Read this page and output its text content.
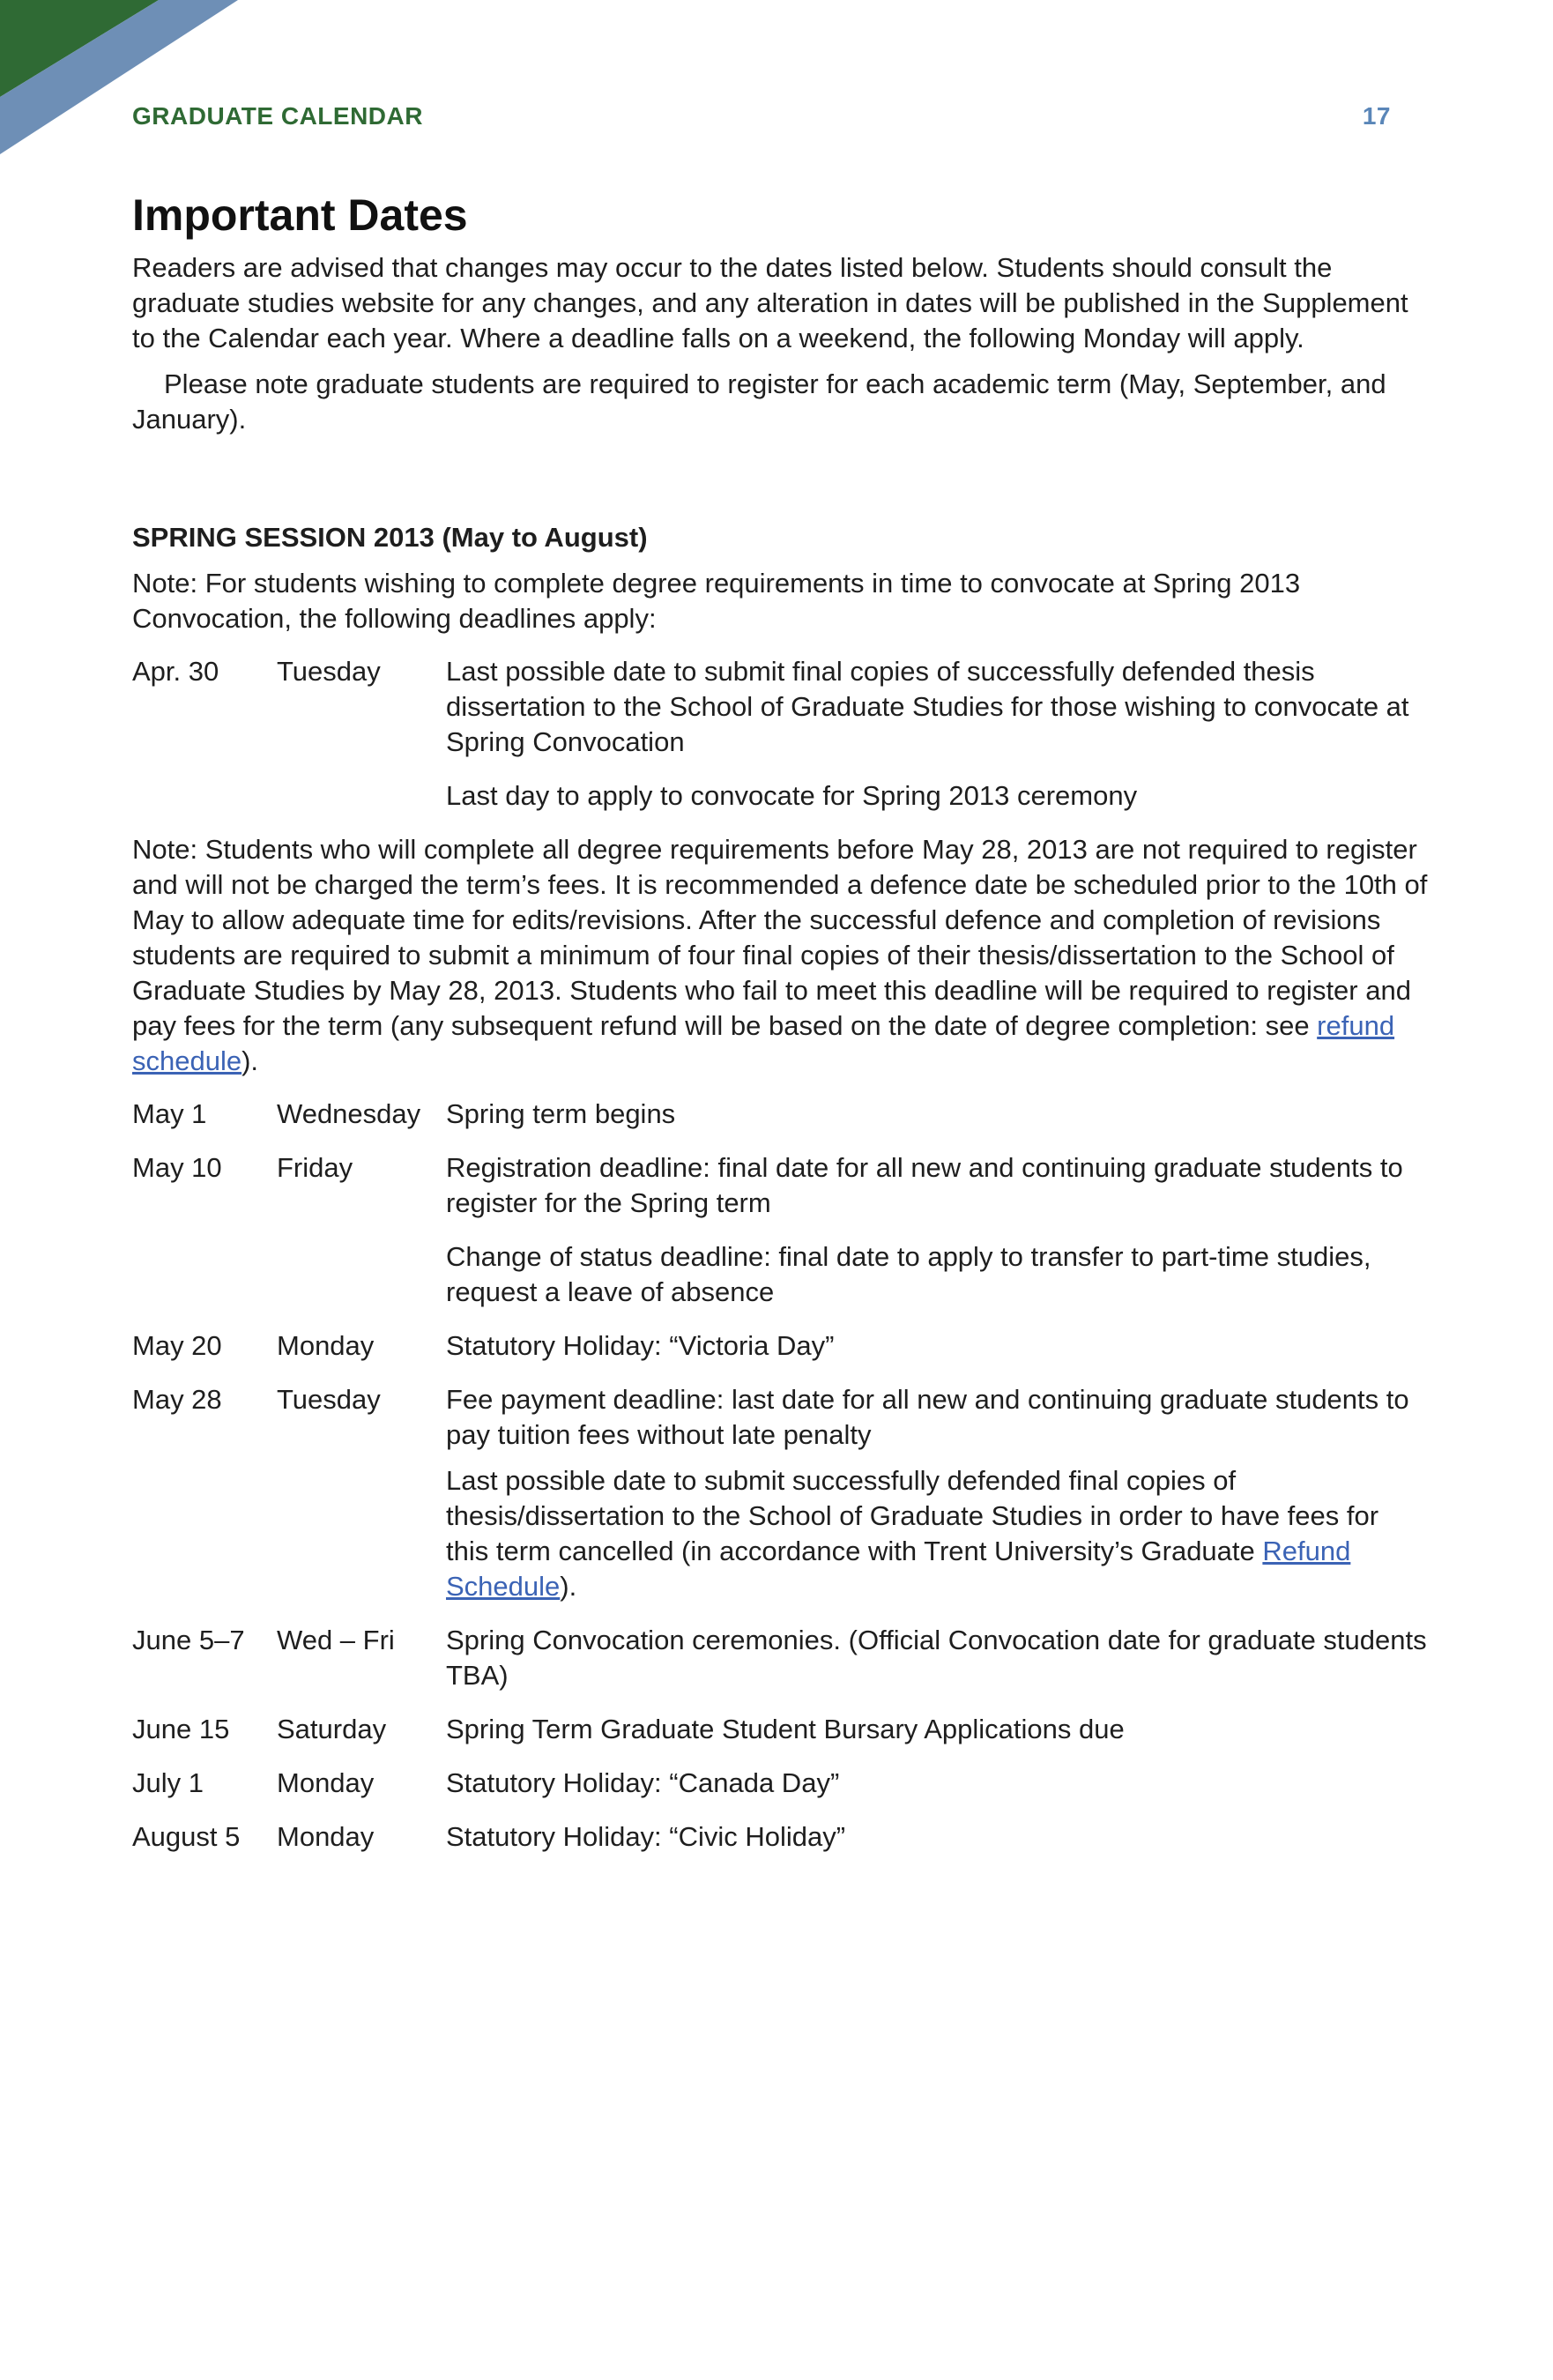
GRADUATE CALENDAR	17
Important Dates

Readers are advised that changes may occur to the dates listed below. Students should consult the graduate studies website for any changes, and any alteration in dates will be published in the Supplement to the Calendar each year. Where a deadline falls on a weekend, the following Monday will apply.

Please note graduate students are required to register for each academic term (May, September, and January).

SPRING SESSION 2013 (May to August)

Note: For students wishing to complete degree requirements in time to convocate at Spring 2013 Convocation, the following deadlines apply:

Apr. 30	Tuesday	Last possible date to submit final copies of successfully defended thesis dissertation to the School of Graduate Studies for those wishing to convocate at Spring Convocation
Last day to apply to convocate for Spring 2013 ceremony

Note: Students who will complete all degree requirements before May 28, 2013 are not required to register and will not be charged the term’s fees. It is recommended a defence date be scheduled prior to the 10th of May to allow adequate time for edits/revisions. After the successful defence and completion of revisions students are required to submit a minimum of four final copies of their thesis/dissertation to the School of Graduate Studies by May 28, 2013. Students who fail to meet this deadline will be required to register and pay fees for the term (any subsequent refund will be based on the date of degree completion: see refund schedule).

May 1	Wednesday	Spring term begins

May 10	Friday	Registration deadline: final date for all new and continuing graduate students to register for the Spring term
Change of status deadline: final date to apply to transfer to part-time studies, request a leave of absence

May 20	Monday	Statutory Holiday: “Victoria Day”

May 28	Tuesday	Fee payment deadline: last date for all new and continuing graduate students to pay tuition fees without late penalty
Last possible date to submit successfully defended final copies of thesis/dissertation to the School of Graduate Studies in order to have fees for this term cancelled (in accordance with Trent University’s Graduate Refund Schedule).

June 5–7	Wed – Fri	Spring Convocation ceremonies. (Official Convocation date for graduate students TBA)

June 15	Saturday	Spring Term Graduate Student Bursary Applications due

July 1	Monday	Statutory Holiday: “Canada Day”

August 5	Monday	Statutory Holiday: “Civic Holiday”
